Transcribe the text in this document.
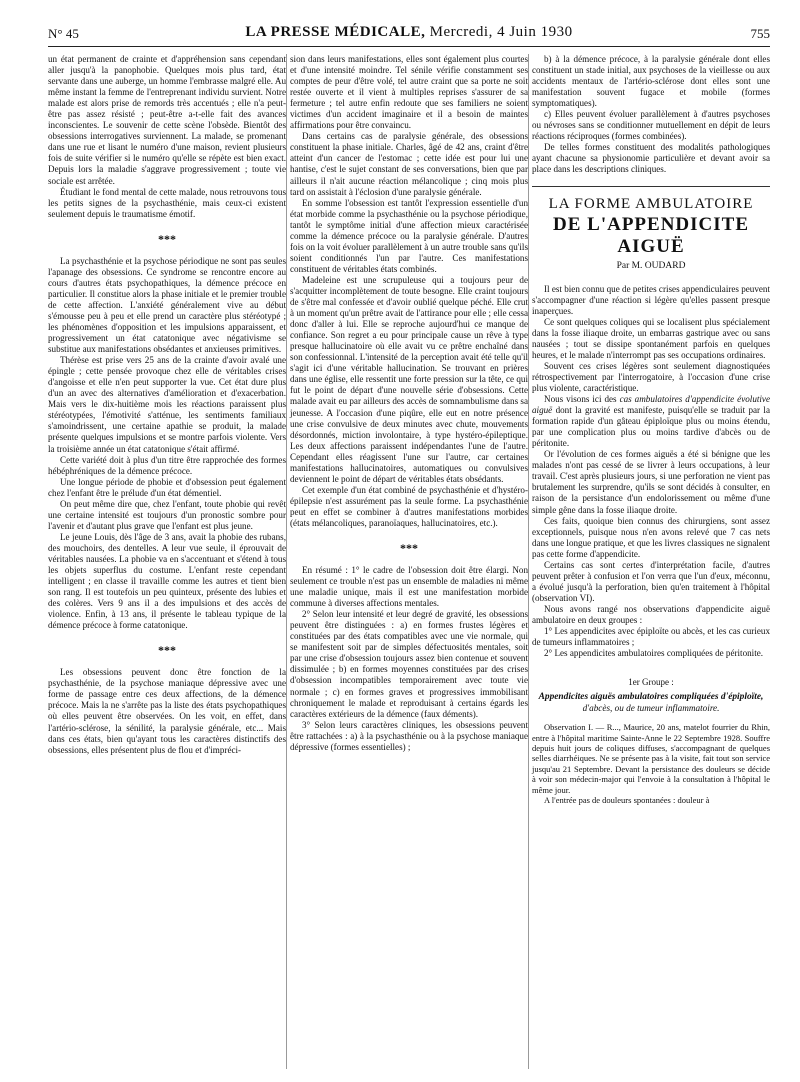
N° 45	LA PRESSE MÉDICALE, Mercredi, 4 Juin 1930	755

un état permanent de crainte et d'appréhension sans cependant aller jusqu'à la panophobie. Quelques mois plus tard, état servante dans une auberge, un homme l'embrasse malgré elle. Au même instant la femme de l'entreprenant individu survient. Notre malade est alors prise de remords très accentués ; elle n'a peut-être pas assez résisté ; peut-être a-t-elle fait des avances inconscientes. Le souvenir de cette scène l'obsède. Bientôt des obsessions interrogatives surviennent. La malade, se promenant dans une rue et lisant le numéro d'une maison, revient plusieurs fois de suite vérifier si le numéro qu'elle se répète est bien exact. Depuis lors la maladie s'aggrave progressivement ; toute vie sociale est arrêtée.

Étudiant le fond mental de cette malade, nous retrouvons tous les petits signes de la psychasthénie, mais ceux-ci existent seulement depuis le traumatisme émotif.

***

La psychasthénie et la psychose périodique ne sont pas seules l'apanage des obsessions. Ce syndrome se rencontre encore au cours d'autres états psychopathiques, la démence précoce en particulier. Il constitue alors la phase initiale et le premier trouble de cette affection. L'anxiété généralement vive au début s'émousse peu à peu et elle prend un caractère plus stéréotypé ; les phénomènes d'opposition et les impulsions apparaissent, et progressivement un état catatonique avec négativisme se substitue aux manifestations obsédantes et anxieuses primitives.

Thérèse est prise vers 25 ans de la crainte d'avoir avalé une épingle ; cette pensée provoque chez elle de véritables crises d'angoisse et elle n'en peut supporter la vue. Cet état dure plus d'un an avec des alternatives d'amélioration et d'exacerbation. Mais vers le dix-huitième mois les réactions paraissent plus stéréotypées, l'émotivité s'atténue, les sentiments familiaux s'amoindrissent, une certaine apathie se produit, la malade présente quelques impulsions et se montre parfois violente. Vers la troisième année un état catatonique s'était affirmé.

Cette variété doit à plus d'un titre être rapprochée des formes hébéphréniques de la démence précoce.

Une longue période de phobie et d'obsession peut également chez l'enfant être le prélude d'un état démentiel.

On peut même dire que, chez l'enfant, toute phobie qui revêt une certaine intensité est toujours d'un pronostic sombre pour l'avenir et d'autant plus grave que l'enfant est plus jeune.

Le jeune Louis, dès l'âge de 3 ans, avait la phobie des rubans, des mouchoirs, des dentelles. A leur vue seule, il éprouvait de véritables nausées. La phobie va en s'accentuant et s'étend à tous les objets superflus du costume. L'enfant reste cependant intelligent ; en classe il travaille comme les autres et tient bien son rang. Il est toutefois un peu quinteux, présente des lubies et des colères. Vers 9 ans il a des impulsions et des accès de violence. Enfin, à 13 ans, il présente le tableau typique de la démence précoce à forme catatonique.

***

Les obsessions peuvent donc être fonction de la psychasthénie, de la psychose maniaque dépressive avec une forme de passage entre ces deux affections, de la démence précoce. Mais la ne s'arrête pas la liste des états psychopathiques où elles peuvent être observées. On les voit, en effet, dans l'artério-sclérose, la sénilité, la paralysie générale, etc... Mais dans ces états, bien qu'ayant tous les caractères distinctifs des obsessions, elles présentent plus de flou et d'impréci-

sion dans leurs manifestations, elles sont également plus courtes et d'une intensité moindre. Tel sénile vérifie constamment ses comptes de peur d'être volé, tel autre craint que sa porte ne soit restée ouverte et il vient à multiples reprises s'assurer de sa fermeture ; tel autre enfin redoute que ses familiers ne soient victimes d'un accident imaginaire et il a besoin de maintes affirmations pour être convaincu.

Dans certains cas de paralysie générale, des obsessions constituent la phase initiale. Charles, âgé de 42 ans, craint d'être atteint d'un cancer de l'estomac ; cette idée est pour lui une hantise, c'est le sujet constant de ses conversations, bien que par ailleurs il n'ait aucune réaction mélancolique ; cinq mois plus tard on assistait à l'éclosion d'une paralysie générale.

En somme l'obsession est tantôt l'expression essentielle d'un état morbide comme la psychasthénie ou la psychose périodique, tantôt le symptôme initial d'une affection mieux caractérisée comme la démence précoce ou la paralysie générale. D'autres fois on la voit évoluer parallèlement à un autre trouble sans qu'ils soient conditionnés l'un par l'autre. Ces manifestations constituent de véritables états combinés.

Madeleine est une scrupuleuse qui a toujours peur de s'acquitter incomplètement de toute besogne. Elle craint toujours de s'être mal confessée et d'avoir oublié quelque péché. Elle crut à un moment qu'un prêtre avait de l'attirance pour elle ; elle cessa donc d'aller à lui. Elle se reproche aujourd'hui ce manque de confiance. Son regret a eu pour principale cause un rêve à type presque hallucinatoire où elle avait vu ce prêtre enchaîné dans son confessionnal. L'intensité de la perception avait été telle qu'il s'agit ici d'une véritable hallucination. Se trouvant en prières dans une église, elle ressentit une forte pression sur la tête, ce qui fut le point de départ d'une nouvelle série d'obsessions. Cette malade avait eu par ailleurs des accès de somnambulisme dans sa jeunesse. A l'occasion d'une piqûre, elle eut en notre présence une crise convulsive de deux minutes avec chute, mouvements désordonnés, miction involontaire, à type hystéro-épileptique. Les deux affections paraissent indépendantes l'une de l'autre. Cependant elles réagissent l'une sur l'autre, car certaines manifestations hallucinatoires, automatiques ou convulsives deviennent le point de départ de véritables états obsédants.

Cet exemple d'un état combiné de psychasthénie et d'hystéro-épilepsie n'est assurément pas la seule forme. La psychasthénie peut en effet se combiner à d'autres manifestations morbides (états mélancoliques, paranoïaques, hallucinatoires, etc.).

***

En résumé : 1° le cadre de l'obsession doit être élargi. Non seulement ce trouble n'est pas un ensemble de maladies ni même une maladie unique, mais il est une manifestation morbide commune à diverses affections mentales.

2° Selon leur intensité et leur degré de gravité, les obsessions peuvent être distinguées : a) en formes frustes légères et constituées par des états compatibles avec une vie normale, qui se manifestent soit par de simples défectuosités mentales, soit par une crise d'obsession toujours assez bien contenue et souvent dissimulée ; b) en formes moyennes constituées par des crises d'obsession incompatibles temporairement avec toute vie normale ; c) en formes graves et progressives immobilisant chroniquement le malade et reproduisant à certains égards les caractères extérieurs de la démence (faux déments).

3° Selon leurs caractères cliniques, les obsessions peuvent être rattachées : a) à la psychasthénie ou à la psychose maniaque dépressive (formes essentielles) ;

b) à la démence précoce, à la paralysie générale dont elles constituent un stade initial, aux psychoses de la vieillesse ou aux accidents mentaux de l'artério-sclérose dont elles sont une manifestation souvent fugace et mobile (formes symptomatiques).

c) Elles peuvent évoluer parallèlement à d'autres psychoses ou névroses sans se conditionner mutuellement en dépit de leurs réactions réciproques (formes combinées).

De telles formes constituent des modalités pathologiques ayant chacune sa physionomie particulière et devant avoir sa place dans les descriptions cliniques.

LA FORME AMBULATOIRE
DE L'APPENDICITE AIGUË
Par M. OUDARD

Il est bien connu que de petites crises appendiculaires peuvent s'accompagner d'une réaction si légère qu'elles passent presque inaperçues.

Ce sont quelques coliques qui se localisent plus spécialement dans la fosse iliaque droite, un embarras gastrique avec ou sans nausées ; tout se dissipe spontanément parfois en quelques heures, et le malade n'interrompt pas ses occupations ordinaires.

Souvent ces crises légères sont seulement diagnostiquées rétrospectivement par l'interrogatoire, à l'occasion d'une crise plus violente, caractéristique.

Nous visons ici des cas ambulatoires d'appendicite évolutive aiguë dont la gravité est manifeste, puisqu'elle se traduit par la formation rapide d'un gâteau épiploïque plus ou moins étendu, par une complication plus ou moins tardive d'abcès ou de péritonite.

Or l'évolution de ces formes aiguës a été si bénigne que les malades n'ont pas cessé de se livrer à leurs occupations, à leur travail. C'est après plusieurs jours, si une perforation ne vient pas brutalement les surprendre, qu'ils se sont décidés à consulter, en raison de la persistance d'un endolorissement ou même d'une simple gêne dans la fosse iliaque droite.

Ces faits, quoique bien connus des chirurgiens, sont assez exceptionnels, puisque nous n'en avons relevé que 7 cas nets dans une longue pratique, et que les livres classiques ne signalent pas cette forme d'appendicite.

Certains cas sont certes d'interprétation facile, d'autres peuvent prêter à confusion et l'on verra que l'un d'eux, méconnu, a évolué jusqu'à la perforation, bien qu'en traitement à l'hôpital (observation VI).

Nous avons rangé nos observations d'appendicite aiguë ambulatoire en deux groupes :

1° Les appendicites avec épiploïte ou abcès, et les cas curieux de tumeurs inflammatoires ;

2° Les appendicites ambulatoires compliquées de péritonite.

1er Groupe :
Appendicites aiguës ambulatoires compliquées d'épiploïte,
d'abcès, ou de tumeur inflammatoire.

Observation I. — R..., Maurice, 20 ans, matelot fourrier du Rhin, entre à l'hôpital maritime Sainte-Anne le 22 Septembre 1928. Souffre depuis huit jours de coliques diffuses, s'accompagnant de quelques selles diarrhéiques. Ne se présente pas à la visite, fait tout son service jusqu'au 21 Septembre. Devant la persistance des douleurs se décide à voir son médecin-major qui l'envoie à la consultation à l'hôpital le même jour.

A l'entrée pas de douleurs spontanées : douleur à
